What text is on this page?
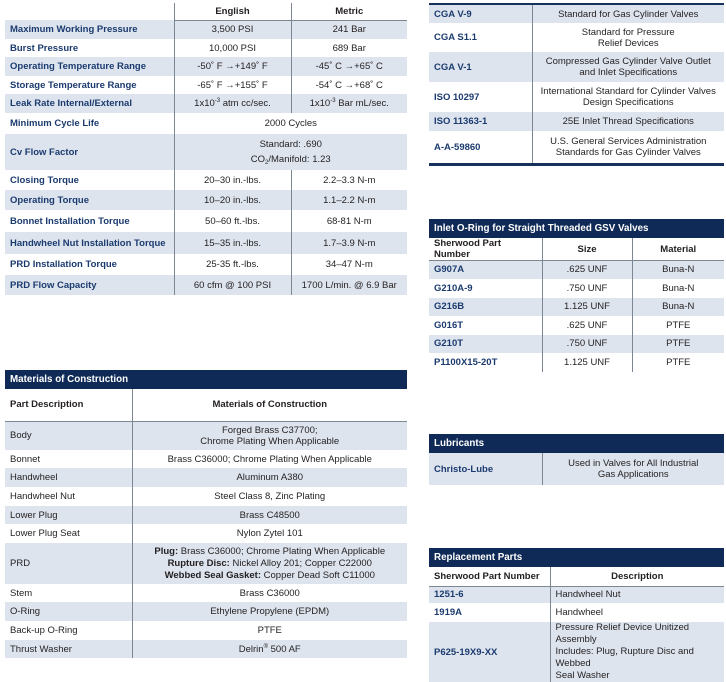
	English	Metric
Maximum Working Pressure	3,500 PSI	241 Bar
Burst Pressure	10,000 PSI	689 Bar
Operating Temperature Range	-50˚ F →+149˚ F	-45˚ C →+65˚ C
Storage Temperature Range	-65˚ F →+155˚ F	-54˚ C →+68˚ C
Leak Rate Internal/External	$1x10^{-3}$ atm cc/sec.	$1x10^{-3}$ Bar mL/sec.
Minimum Cycle Life	2000 Cycles	
Cv Flow Factor	Standard: .690
$CO_2$/Manifold: 1.23	

Closing Torque	20–30 in.-lbs.	2.2–3.3 N-m
Operating Torque	10–20 in.-lbs.	1.1–2.2 N-m
Bonnet Installation Torque	50–60 ft.-lbs.	68-81 N-m
Handwheel Nut Installation Torque	15–35 in.-lbs.	1.7–3.9 N-m
PRD Installation Torque	25-35 ft.-lbs.	34–47 N-m
PRD Flow Capacity	60 cfm @ 100 PSI	1700 L/min. @ 6.9 Bar
CGA V-9	Standard for Gas Cylinder Valves
CGA S1.1	Standard for Pressure
Relief Devices

CGA V-1	Compressed Gas Cylinder Valve Outlet
and Inlet Specifications

ISO 10297	International Standard for Cylinder Valves
Design Specifications

ISO 11363-1	25E Inlet Thread Specifications
A-A-59860	U.S. General Services Administration
Standards for Gas Cylinder Valves
Inlet O-Ring for Straight Threaded GSV Valves
Sherwood Part Number	Size	Material
G907A	.625 UNF	Buna-N
G210A-9	.750 UNF	Buna-N
G216B	1.125 UNF	Buna-N
G016T	.625 UNF	PTFE
G210T	.750 UNF	PTFE
P1100X15-20T	1.125 UNF	PTFE
Materials of Construction
Part Description	Materials of Construction
Body	Forged Brass C37700;
Chrome Plating When Applicable

Bonnet	Brass C36000; Chrome Plating When Applicable
Handwheel	Aluminum A380
Handwheel Nut	Steel Class 8, Zinc Plating
Lower Plug	Brass C48500
Lower Plug Seat	Nylon Zytel 101
PRD	Plug: Brass C36000; Chrome Plating When Applicable
Rupture Disc: Nickel Alloy 201; Copper C22000
Webbed Seal Gasket: Copper Dead Soft C11000

Stem	Brass C36000
O-Ring	Ethylene Propylene (EPDM)
Back-up O-Ring	PTFE
Thrust Washer	Delrin® 500 AF
Lubricants
Christo-Lube	Used in Valves for All Industrial
Gas Applications
Replacement Parts
Sherwood Part Number	Description
1251-6	Handwheel Nut
1919A	Handwheel
P625-19X9-XX	Pressure Relief Device Unitized Assembly
Includes: Plug, Rupture Disc and Webbed
Seal Washer
